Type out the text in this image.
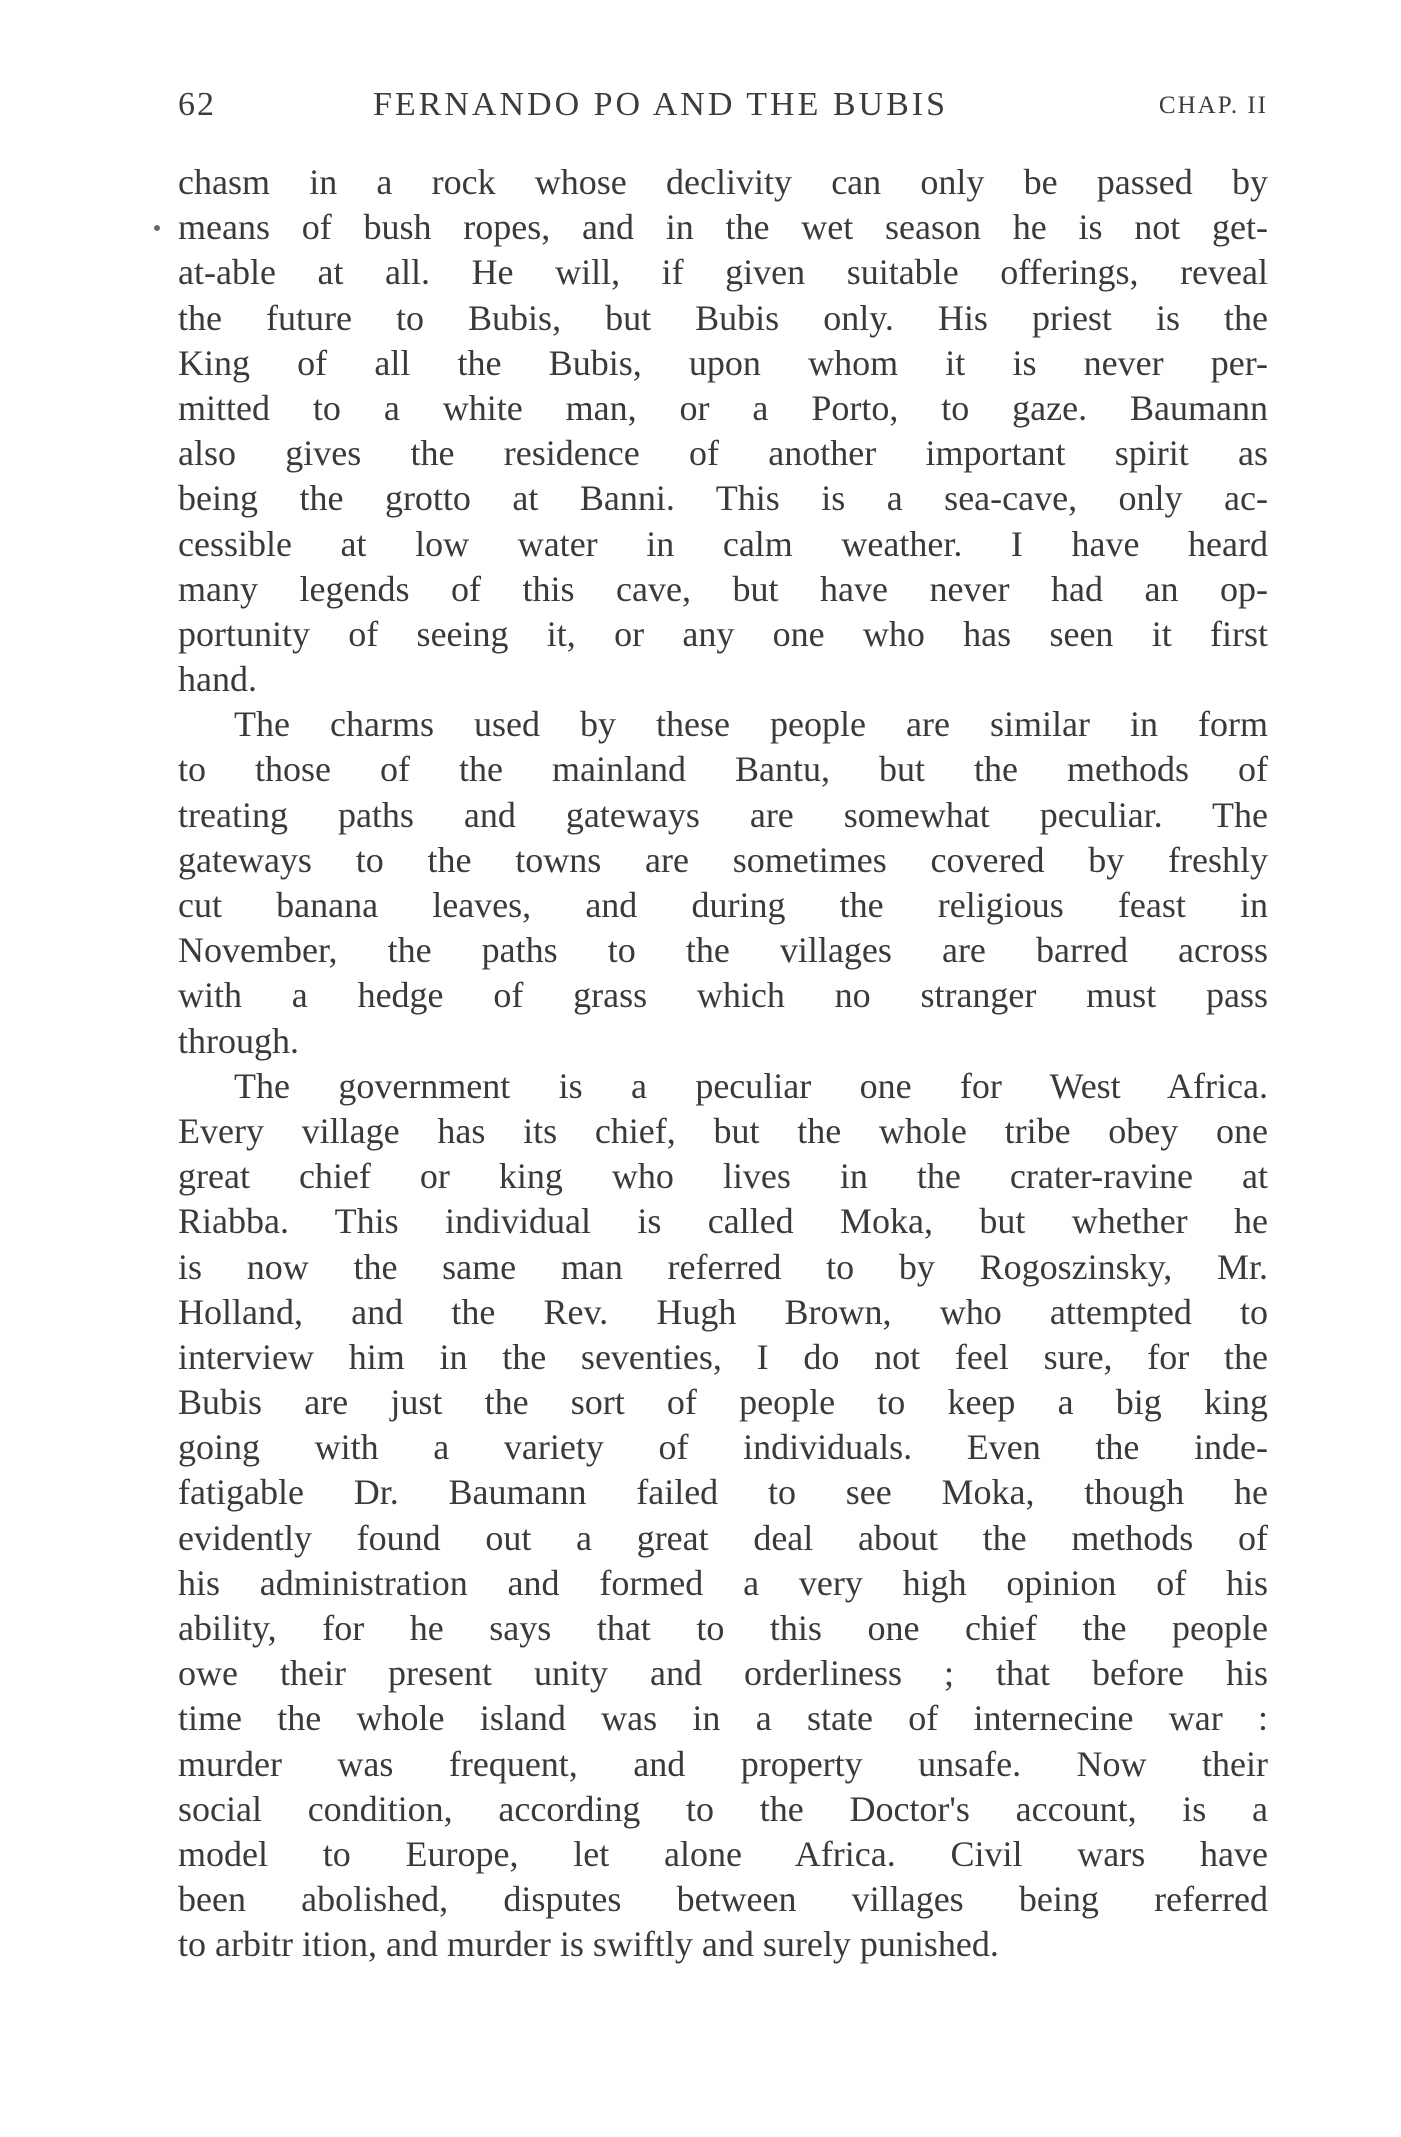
62	FERNANDO PO AND THE BUBIS	CHAP. II
chasm in a rock whose declivity can only be passed by
means of bush ropes, and in the wet season he is not get-
at-able at all. He will, if given suitable offerings, reveal
the future to Bubis, but Bubis only. His priest is the
King of all the Bubis, upon whom it is never per-
mitted to a white man, or a Porto, to gaze. Baumann
also gives the residence of another important spirit as
being the grotto at Banni. This is a sea-cave, only ac-
cessible at low water in calm weather. I have heard
many legends of this cave, but have never had an op-
portunity of seeing it, or any one who has seen it first
hand.
The charms used by these people are similar in form
to those of the mainland Bantu, but the methods of
treating paths and gateways are somewhat peculiar. The
gateways to the towns are sometimes covered by freshly
cut banana leaves, and during the religious feast in
November, the paths to the villages are barred across
with a hedge of grass which no stranger must pass
through.
The government is a peculiar one for West Africa.
Every village has its chief, but the whole tribe obey one
great chief or king who lives in the crater-ravine at
Riabba. This individual is called Moka, but whether he
is now the same man referred to by Rogoszinsky, Mr.
Holland, and the Rev. Hugh Brown, who attempted to
interview him in the seventies, I do not feel sure, for the
Bubis are just the sort of people to keep a big king
going with a variety of individuals. Even the inde-
fatigable Dr. Baumann failed to see Moka, though he
evidently found out a great deal about the methods of
his administration and formed a very high opinion of his
ability, for he says that to this one chief the people
owe their present unity and orderliness ; that before his
time the whole island was in a state of internecine war :
murder was frequent, and property unsafe. Now their
social condition, according to the Doctor's account, is a
model to Europe, let alone Africa. Civil wars have
been abolished, disputes between villages being referred
to arbitr ition, and murder is swiftly and surely punished.
